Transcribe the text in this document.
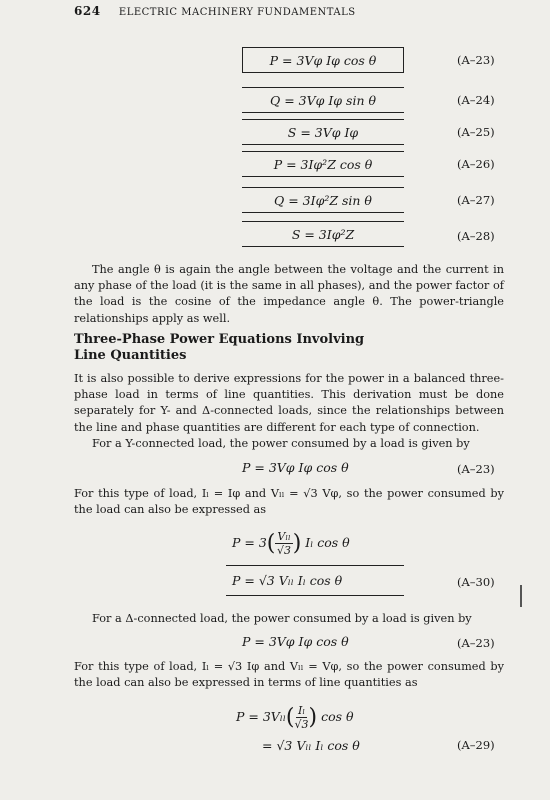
624 ELECTRIC MACHINERY FUNDAMENTALS
P = 3Vφ Iφ cos θ	(A–23)
Q = 3Vφ Iφ sin θ	(A–24)
S = 3Vφ Iφ	(A–25)
P = 3Iφ²Z cos θ	(A–26)
Q = 3Iφ²Z sin θ	(A–27)
S = 3Iφ²Z	(A–28)

The angle θ is again the angle between the voltage and the current in any phase of the load (it is the same in all phases), and the power factor of the load is the cosine of the impedance angle θ. The power-triangle relationships apply as well.

Three-Phase Power Equations Involving
Line Quantities

It is also possible to derive expressions for the power in a balanced three-phase load in terms of line quantities. This derivation must be done separately for Y- and Δ-connected loads, since the relationships between the line and phase quantities are different for each type of connection.

For a Y-connected load, the power consumed by a load is given by

P = 3Vφ Iφ cos θ	(A–23)

For this type of load, Iₗ = Iφ and Vₗₗ = √3 Vφ, so the power consumed by the load can also be expressed as

$P = 3( \frac{\text{Vₗₗ}}{√3}$ ) Iₗ cos θ
P = √3 Vₗₗ Iₗ cos θ	(A–30)

For a Δ-connected load, the power consumed by a load is given by

P = 3Vφ Iφ cos θ	(A–23)

For this type of load, Iₗ = √3 Iφ and Vₗₗ = Vφ, so the power consumed by the load can also be expressed in terms of line quantities as

$P = 3V_{ll}( \frac{\text{Iₗ}}{√3}$ ) cos θ
= √3 Vₗₗ Iₗ cos θ	(A–29)
